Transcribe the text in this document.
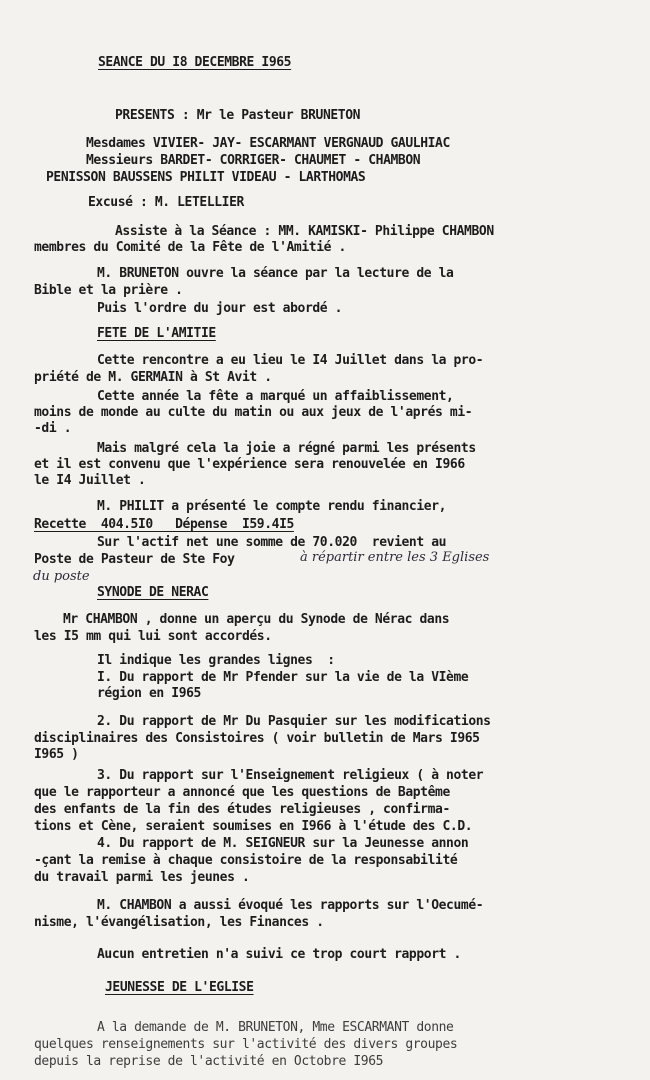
SEANCE DU I8 DECEMBRE I965
PRESENTS : Mr le Pasteur BRUNETON
Mesdames VIVIER- JAY- ESCARMANT VERGNAUD GAULHIAC
Messieurs BARDET- CORRIGER- CHAUMET - CHAMBON
PENISSON BAUSSENS PHILIT VIDEAU - LARTHOMAS
Excusé : M. LETELLIER
Assiste à la Séance : MM. KAMISKI- Philippe CHAMBON
membres du Comité de la Fête de l'Amitié .
M. BRUNETON ouvre la séance par la lecture de la
Bible et la prière .
Puis l'ordre du jour est abordé .
FETE DE L'AMITIE
Cette rencontre a eu lieu le I4 Juillet dans la pro-
priété de M. GERMAIN à St Avit .
Cette année la fête a marqué un affaiblissement,
moins de monde au culte du matin ou aux jeux de l'aprés mi-
-di .
Mais malgré cela la joie a régné parmi les présents
et il est convenu que l'expérience sera renouvelée en I966
le I4 Juillet .
M. PHILIT a présenté le compte rendu financier,
Recette  404.5I0   Dépense  I59.4I5
Sur l'actif net une somme de 70.020  revient au
Poste de Pasteur de Ste Foy	à répartir entre les 3 Eglises
du poste
SYNODE DE NERAC
Mr CHAMBON , donne un aperçu du Synode de Nérac dans
les I5 mm qui lui sont accordés.
Il indique les grandes lignes  :
I. Du rapport de Mr Pfender sur la vie de la VIème
région en I965
2. Du rapport de Mr Du Pasquier sur les modifications
disciplinaires des Consistoires ( voir bulletin de Mars I965
I965 )
3. Du rapport sur l'Enseignement religieux ( à noter
que le rapporteur a annoncé que les questions de Baptême
des enfants de la fin des études religieuses , confirma-
tions et Cène, seraient soumises en I966 à l'étude des C.D.
4. Du rapport de M. SEIGNEUR sur la Jeunesse annon
-çant la remise à chaque consistoire de la responsabilité
du travail parmi les jeunes .
M. CHAMBON a aussi évoqué les rapports sur l'Oecumé-
nisme, l'évangélisation, les Finances .
Aucun entretien n'a suivi ce trop court rapport .
JEUNESSE DE L'EGLISE
A la demande de M. BRUNETON, Mme ESCARMANT donne
quelques renseignements sur l'activité des divers groupes
depuis la reprise de l'activité en Octobre I965
